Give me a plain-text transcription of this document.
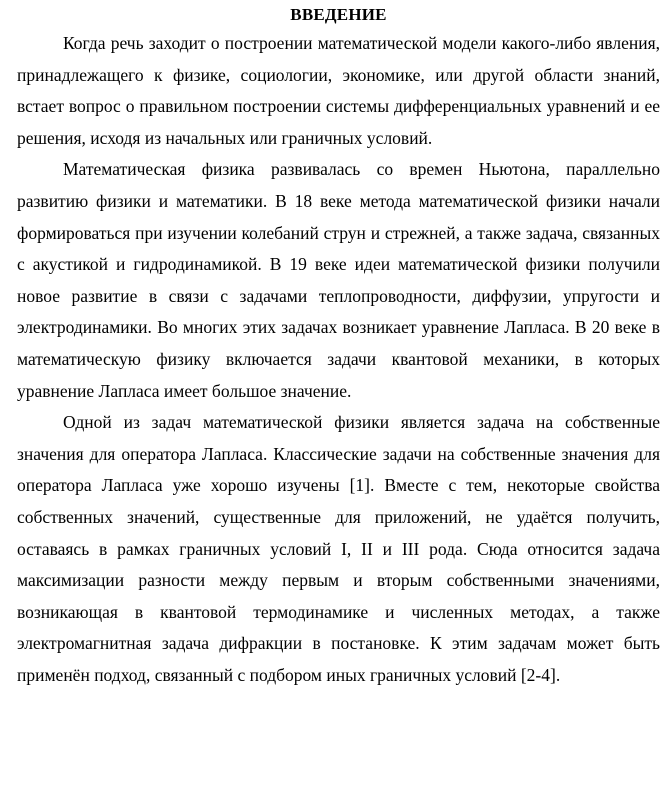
ВВЕДЕНИЕ

Когда речь заходит о построении математической модели какого-либо явления, принадлежащего к физике, социологии, экономике, или другой области знаний, встает вопрос о правильном построении системы дифференциальных уравнений и ее решения, исходя из начальных или граничных условий.

Математическая физика развивалась со времен Ньютона, параллельно развитию физики и математики. В 18 веке метода математической физики начали формироваться при изучении колебаний струн и стрежней, а также задача, связанных с акустикой и гидродинамикой. В 19 веке идеи математической физики получили новое развитие в связи с задачами теплопроводности, диффузии, упругости и электродинамики. Во многих этих задачах возникает уравнение Лапласа. В 20 веке в математическую физику включается задачи квантовой механики, в которых уравнение Лапласа имеет большое значение.

Одной из задач математической физики является задача на собственные значения для оператора Лапласа. Классические задачи на собственные значения для оператора Лапласа уже хорошо изучены [1]. Вместе с тем, некоторые свойства собственных значений, существенные для приложений, не удаётся получить, оставаясь в рамках граничных условий I, II и III рода. Сюда относится задача максимизации разности между первым и вторым собственными значениями, возникающая в квантовой термодинамике и численных методах, а также электромагнитная задача дифракции в постановке. К этим задачам может быть применён подход, связанный с подбором иных граничных условий [2-4].
